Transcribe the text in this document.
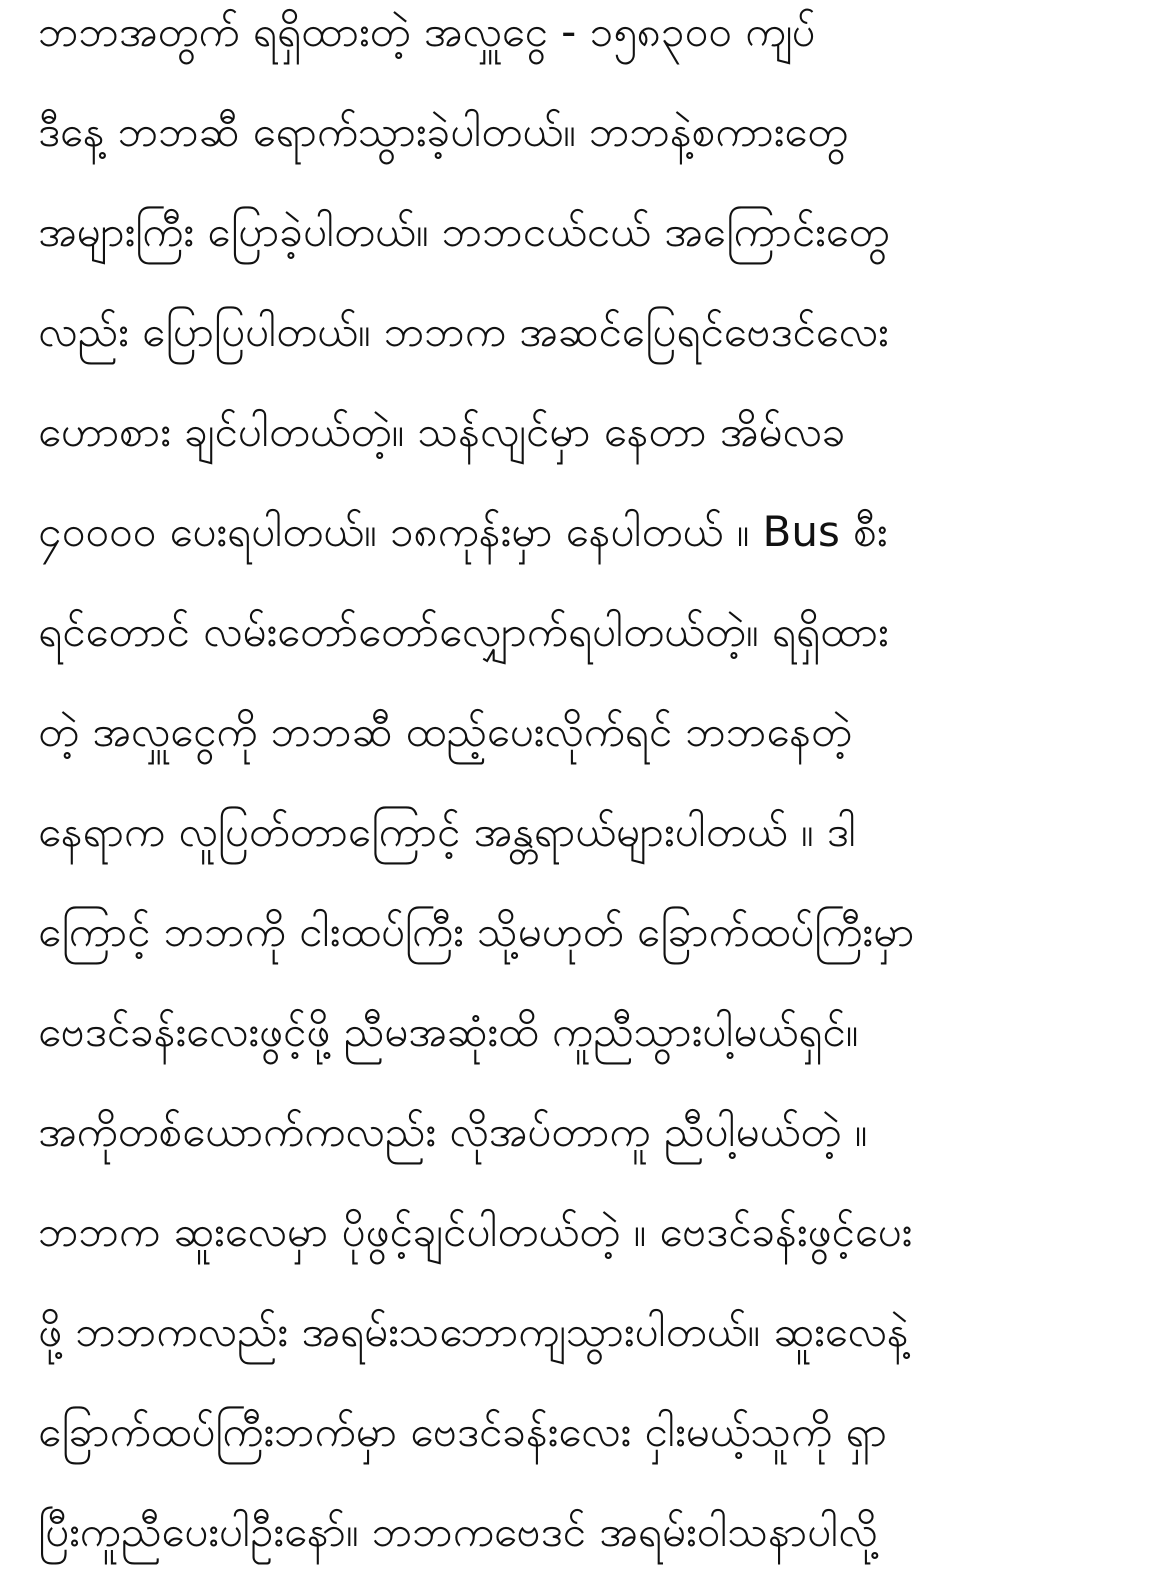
ဘဘအတွက် ရရှိထားတဲ့ အလှူငွေ - ၁၅၈၃၀၀ ကျပ်
ဒီနေ့ ဘဘဆီ ရောက်သွားခဲ့ပါတယ်။ ဘဘနဲ့စကားတွေ
အများကြီး ပြောခဲ့ပါတယ်။ ဘဘငယ်ငယ် အကြောင်းတွေ
လည်း ပြောပြပါတယ်။ ဘဘက အဆင်ပြေရင်ဗေဒင်လေး
ဟောစား ချင်ပါတယ်တဲ့။ သန်လျင်မှာ နေတာ အိမ်လခ
၄၀၀၀၀ ပေးရပါတယ်။ ၁၈ကုန်းမှာ နေပါတယ် ။ Bus စီး
ရင်တောင် လမ်းတော်တော်လျှောက်ရပါတယ်တဲ့။ ရရှိထား
တဲ့ အလှူငွေကို ဘဘဆီ ထည့်ပေးလိုက်ရင် ဘဘနေတဲ့
နေရာက လူပြတ်တာကြောင့် အန္တရာယ်များပါတယ် ။ ဒါ
ကြောင့် ဘဘကို ငါးထပ်ကြီး သို့မဟုတ် ခြောက်ထပ်ကြီးမှာ
ဗေဒင်ခန်းလေးဖွင့်ဖို့ ညီမအဆုံးထိ ကူညီသွားပါ့မယ်ရှင်။
အကိုတစ်ယောက်ကလည်း လိုအပ်တာကူ ညီပါ့မယ်တဲ့ ။
ဘဘက ဆူးလေမှာ ပိုဖွင့်ချင်ပါတယ်တဲ့ ။ ဗေဒင်ခန်းဖွင့်ပေး
ဖို့ ဘဘကလည်း အရမ်းသဘောကျသွားပါတယ်။ ဆူးလေနဲ့
ခြောက်ထပ်ကြီးဘက်မှာ ဗေဒင်ခန်းလေး ငှါးမယ့်သူကို ရှာ
ပြီးကူညီပေးပါဦးနော်။ ဘဘကဗေဒင် အရမ်းဝါသနာပါလို့
